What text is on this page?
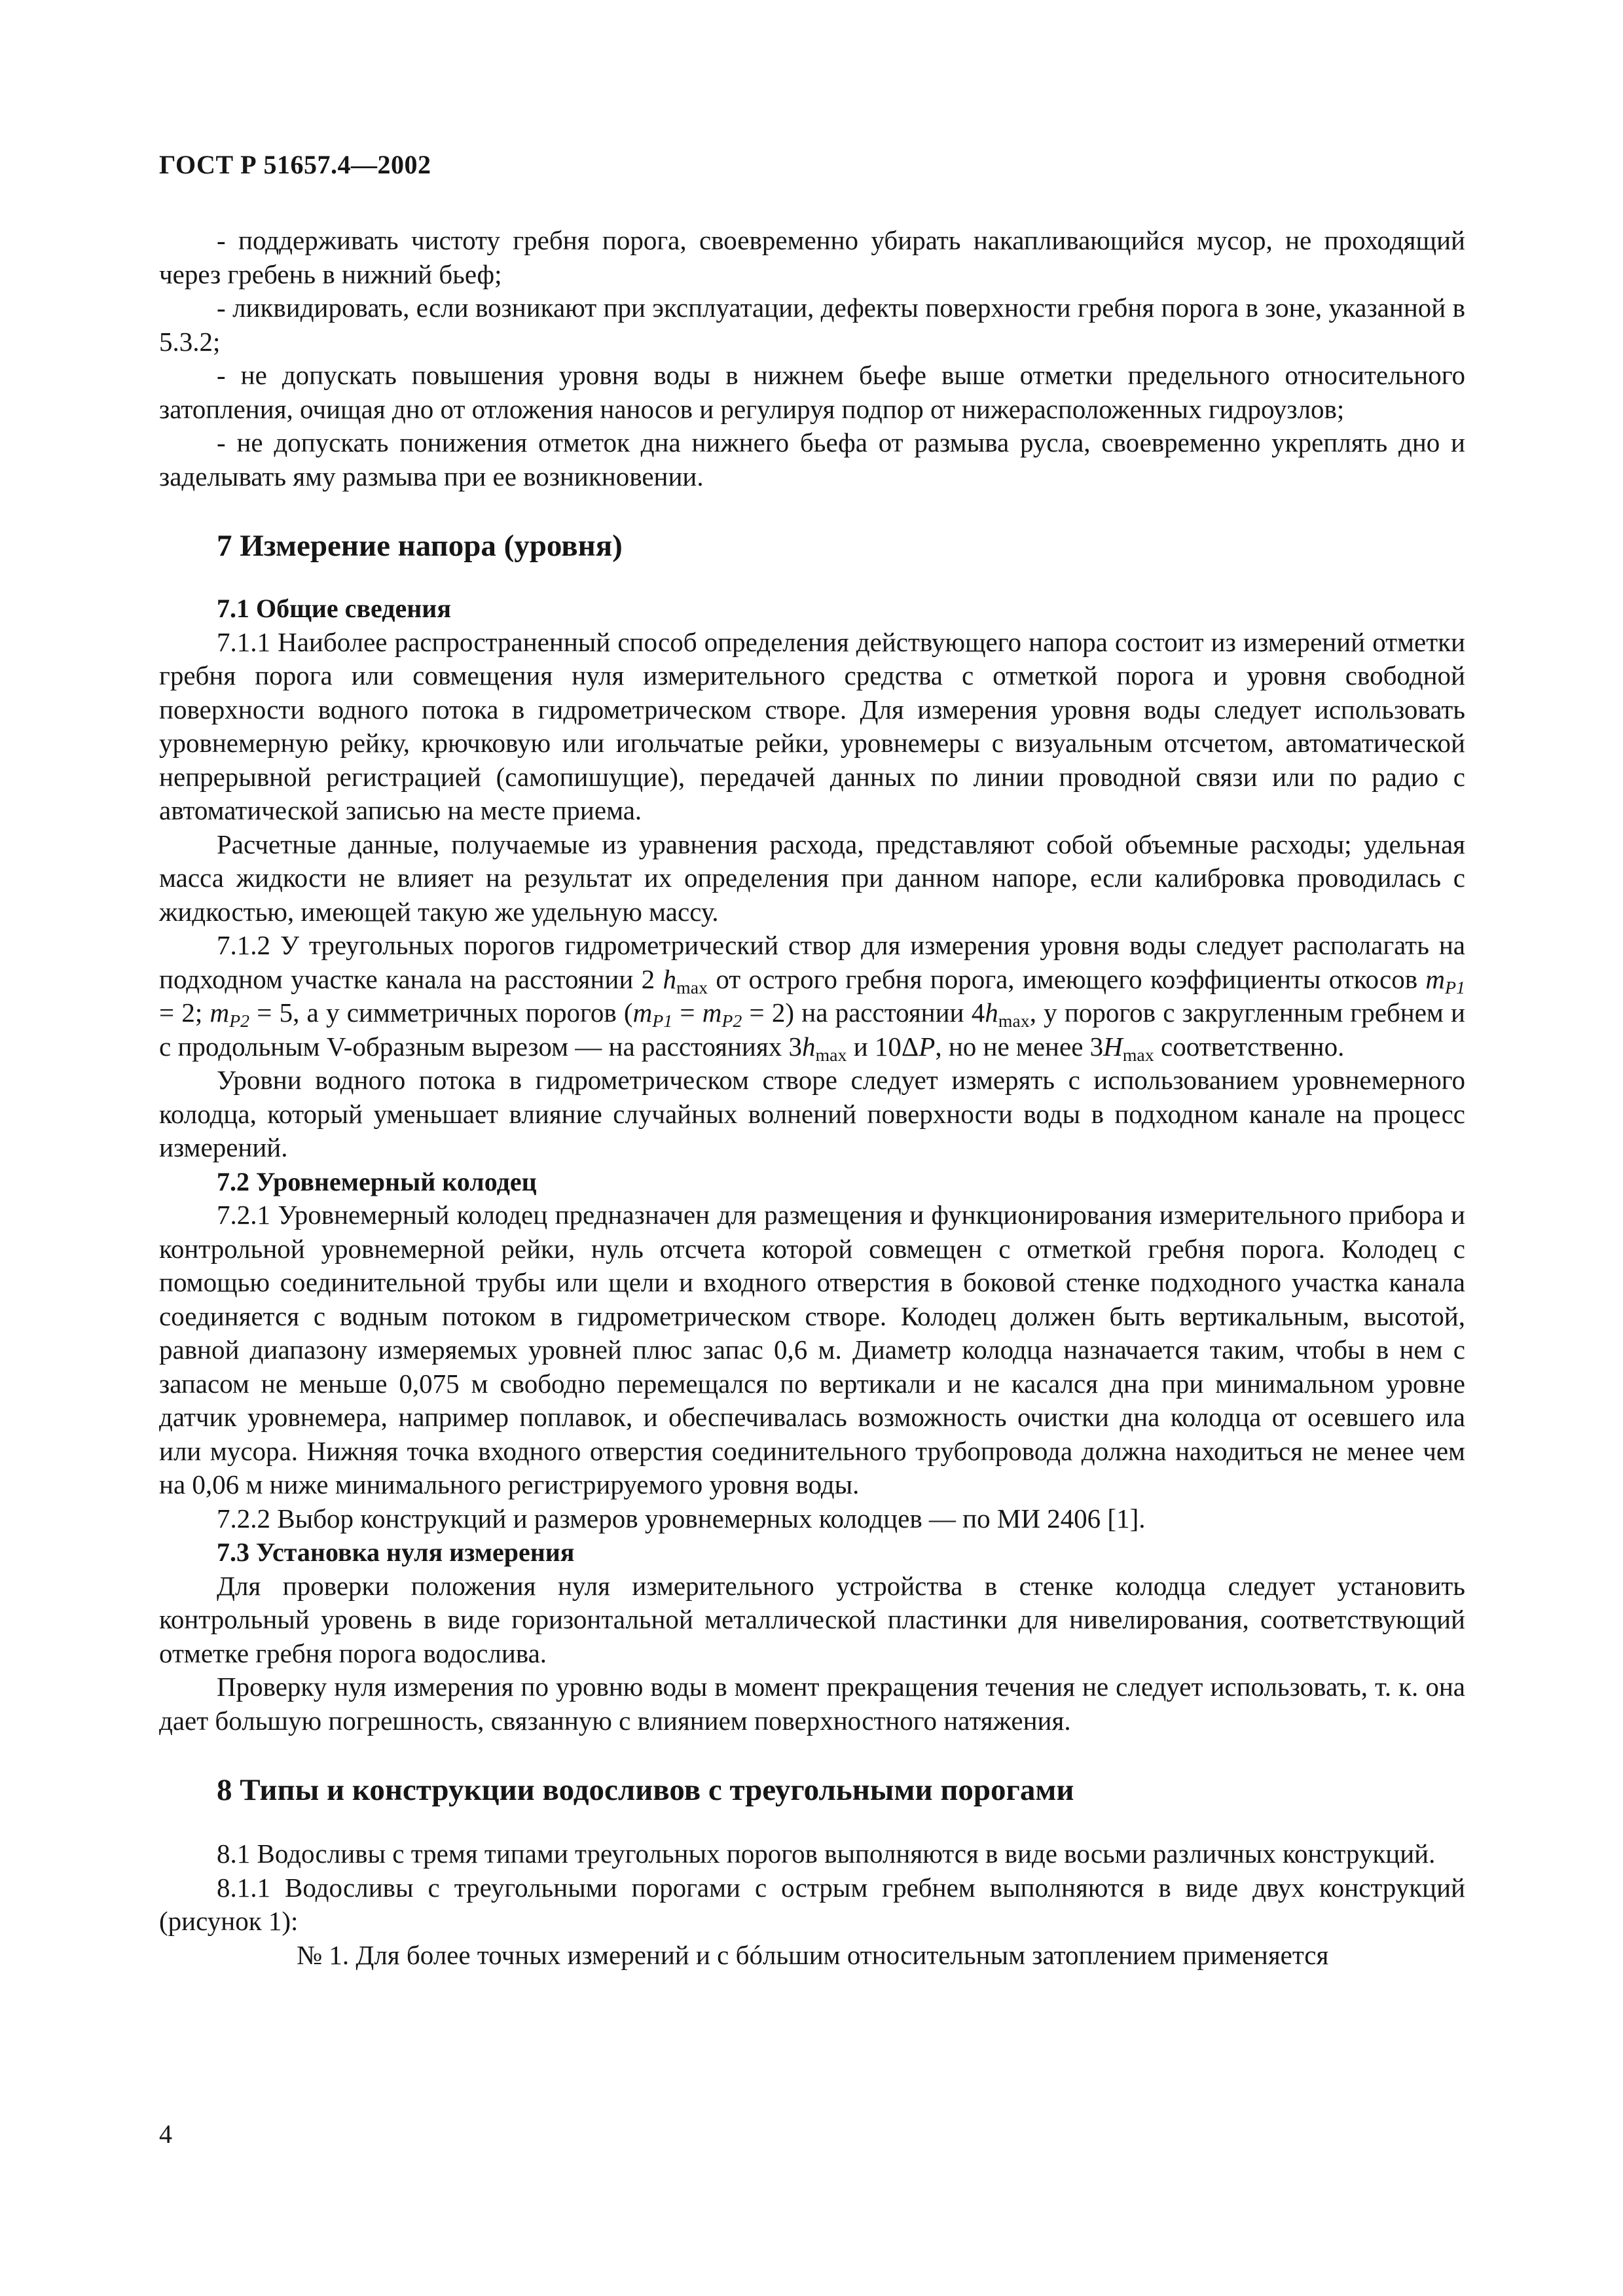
ГОСТ Р 51657.4—2002

- поддерживать чистоту гребня порога, своевременно убирать накапливающийся мусор, не проходящий через гребень в нижний бьеф;

- ликвидировать, если возникают при эксплуатации, дефекты поверхности гребня порога в зоне, указанной в 5.3.2;

- не допускать повышения уровня воды в нижнем бьефе выше отметки предельного относительного затопления, очищая дно от отложения наносов и регулируя подпор от нижерасположенных гидроузлов;

- не допускать понижения отметок дна нижнего бьефа от размыва русла, своевременно укреплять дно и заделывать яму размыва при ее возникновении.

7 Измерение напора (уровня)
7.1 Общие сведения

7.1.1 Наиболее распространенный способ определения действующего напора состоит из измерений отметки гребня порога или совмещения нуля измерительного средства с отметкой порога и уровня свободной поверхности водного потока в гидрометрическом створе. Для измерения уровня воды следует использовать уровнемерную рейку, крючковую или игольчатые рейки, уровнемеры с визуальным отсчетом, автоматической непрерывной регистрацией (самопишущие), передачей данных по линии проводной связи или по радио с автоматической записью на месте приема.

Расчетные данные, получаемые из уравнения расхода, представляют собой объемные расходы; удельная масса жидкости не влияет на результат их определения при данном напоре, если калибровка проводилась с жидкостью, имеющей такую же удельную массу.

7.1.2 У треугольных порогов гидрометрический створ для измерения уровня воды следует располагать на подходном участке канала на расстоянии 2 $h_{max}$ от острого гребня порога, имеющего коэффициенты откосов $m_{P1} = 2$; $m_{P2} = 5$, а у симметричных порогов $(m_{P1} = m_{P2} = 2)$ на расстоянии $4h_{max}$, у порогов с закругленным гребнем и с продольным V-образным вырезом — на расстояниях $3h_{max}$ и 10ΔP, но не менее $3H_{max}$ соответственно.

Уровни водного потока в гидрометрическом створе следует измерять с использованием уровнемерного колодца, который уменьшает влияние случайных волнений поверхности воды в подходном канале на процесс измерений.

7.2 Уровнемерный колодец

7.2.1 Уровнемерный колодец предназначен для размещения и функционирования измерительного прибора и контрольной уровнемерной рейки, нуль отсчета которой совмещен с отметкой гребня порога. Колодец с помощью соединительной трубы или щели и входного отверстия в боковой стенке подходного участка канала соединяется с водным потоком в гидрометрическом створе. Колодец должен быть вертикальным, высотой, равной диапазону измеряемых уровней плюс запас 0,6 м. Диаметр колодца назначается таким, чтобы в нем с запасом не меньше 0,075 м свободно перемещался по вертикали и не касался дна при минимальном уровне датчик уровнемера, например поплавок, и обеспечивалась возможность очистки дна колодца от осевшего ила или мусора. Нижняя точка входного отверстия соединительного трубопровода должна находиться не менее чем на 0,06 м ниже минимального регистрируемого уровня воды.

7.2.2 Выбор конструкций и размеров уровнемерных колодцев — по МИ 2406 [1].

7.3 Установка нуля измерения

Для проверки положения нуля измерительного устройства в стенке колодца следует установить контрольный уровень в виде горизонтальной металлической пластинки для нивелирования, соответствующий отметке гребня порога водослива.

Проверку нуля измерения по уровню воды в момент прекращения течения не следует использовать, т. к. она дает большую погрешность, связанную с влиянием поверхностного натяжения.

8 Типы и конструкции водосливов с треугольными порогами

8.1 Водосливы с тремя типами треугольных порогов выполняются в виде восьми различных конструкций.

8.1.1 Водосливы с треугольными порогами с острым гребнем выполняются в виде двух конструкций (рисунок 1):

№ 1. Для более точных измерений и с бóльшим относительным затоплением применяется

4
